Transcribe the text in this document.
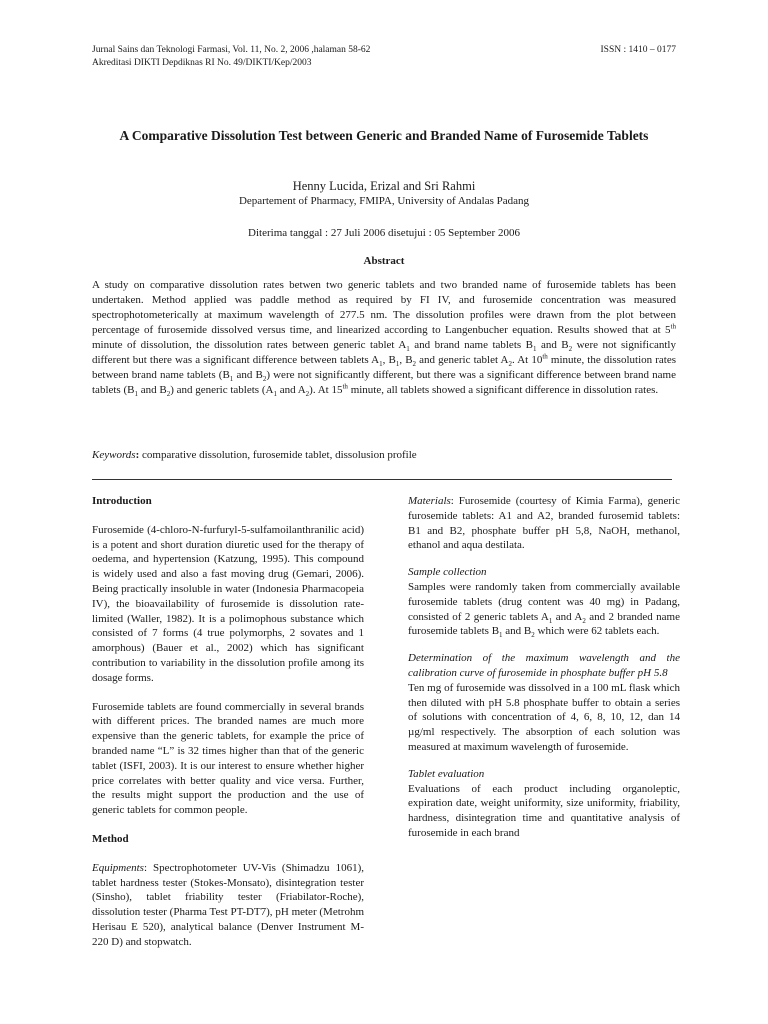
Jurnal Sains dan Teknologi Farmasi, Vol. 11, No. 2, 2006 ,halaman 58-62
Akreditasi DIKTI Depdiknas RI No. 49/DIKTI/Kep/2003
ISSN : 1410 – 0177
A Comparative Dissolution Test between Generic and Branded Name of Furosemide Tablets
Henny Lucida, Erizal and Sri Rahmi
Departement of Pharmacy, FMIPA, University of Andalas Padang
Diterima tanggal : 27 Juli 2006 disetujui : 05 September 2006
Abstract
A study on comparative dissolution rates betwen two generic tablets and two branded name of furosemide tablets has been undertaken. Method applied was paddle method as required by FI IV, and furosemide concentration was measured spectrophotometerically at maximum wavelength of 277.5 nm. The dissolution profiles were drawn from the plot between percentage of furosemide dissolved versus time, and linearized according to Langenbucher equation. Results showed that at 5th minute of dissolution, the dissolution rates between generic tablet $A_1$ and brand name tablets $B_1$ and $B_2$ were not significantly different but there was a significant difference between tablets $A_1$, $B_1$, $B_2$ and generic tablet $A_2$. At 10th minute, the dissolution rates between brand name tablets ($B_1$ and $B_2$) were not significantly different, but there was a significant difference between brand name tablets ($B_1$ and $B_2$) and generic tablets ($A_1$ and $A_2$). At 15th minute, all tablets showed a significant difference in dissolution rates.
Keywords: comparative dissolution, furosemide tablet, dissolusion profile

Introduction

Furosemide (4-chloro-N-furfuryl-5-sulfamoilanthranilic acid) is a potent and short duration diuretic used for the therapy of oedema, and hypertension (Katzung, 1995). This compound is widely used and also a fast moving drug (Gemari, 2006). Being practically insoluble in water (Indonesia Pharmacopeia IV), the bioavailability of furosemide is dissolution rate-limited (Waller, 1982). It is a polimophous substance which consisted of 7 forms (4 true polymorphs, 2 sovates and 1 amorphous) (Bauer et al., 2002) which has significant contribution to variability in the dissolution profile among its dosage forms.

Furosemide tablets are found commercially in several brands with different prices. The branded names are much more expensive than the generic tablets, for example the price of branded name “L” is 32 times higher than that of the generic tablet (ISFI, 2003). It is our interest to ensure whether higher price correlates with better quality and vice versa. Further, the results might support the production and the use of generic tablets for common people.

Method

Equipments: Spectrophotometer UV-Vis (Shimadzu 1061), tablet hardness tester (Stokes-Monsato), disintegration tester (Sinsho), tablet friability tester (Friabilator-Roche), dissolution tester (Pharma Test PT-DT7), pH meter (Metrohm Herisau E 520), analytical balance (Denver Instrument M-220 D) and stopwatch.

Materials: Furosemide (courtesy of Kimia Farma), generic furosemide tablets: A1 and A2, branded furosemid tablets: B1 and B2, phosphate buffer pH 5,8, NaOH, methanol, ethanol and aqua destilata.

Sample collection

Samples were randomly taken from commercially available furosemide tablets (drug content was 40 mg) in Padang, consisted of 2 generic tablets $A_1$ and $A_2$ and 2 branded name furosemide tablets $B_1$ and $B_2$ which were 62 tablets each.

Determination of the maximum wavelength and the calibration curve of furosemide in phosphate buffer pH 5.8

Ten mg of furosemide was dissolved in a 100 mL flask which then diluted with pH 5.8 phosphate buffer to obtain a series of solutions with concentration of 4, 6, 8, 10, 12, dan 14 µg/ml respectively. The absorption of each solution was measured at maximum wavelength of furosemide.

Tablet evaluation

Evaluations of each product including organoleptic, expiration date, weight uniformity, size uniformity, friability, hardness, disintegration time and quantitative analysis of furosemide in each brand
